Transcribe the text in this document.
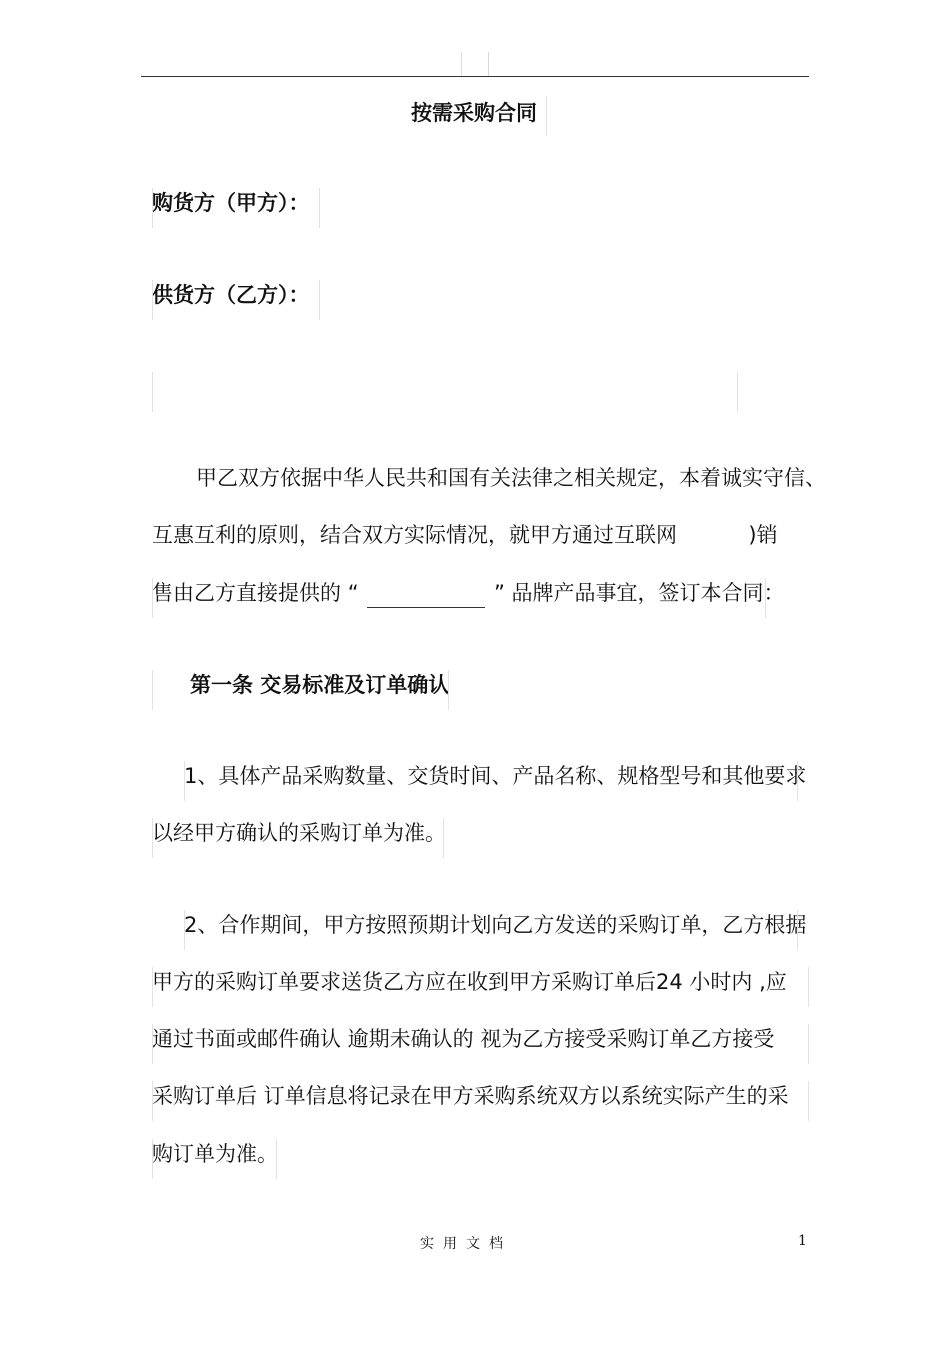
按需采购合同
购货方（甲方）：
供货方（乙方）：
甲乙双方依据中华人民共和国有关法律之相关规定，本着诚实守信、
互惠互利的原则，结合双方实际情况，就甲方通过互联网	)销
售由乙方直接提供的 “	” 品牌产品事宜，签订本合同：
第一条 交易标准及订单确认
1、具体产品采购数量、交货时间、产品名称、规格型号和其他要求
以经甲方确认的采购订单为准。
2、合作期间，甲方按照预期计划向乙方发送的采购订单，乙方根据
甲方的采购订单要求送货乙方应在收到甲方采购订单后24 小时内 ,应
通过书面或邮件确认 逾期未确认的 视为乙方接受采购订单乙方接受
采购订单后 订单信息将记录在甲方采购系统双方以系统实际产生的采
购订单为准。
实用文档	1
